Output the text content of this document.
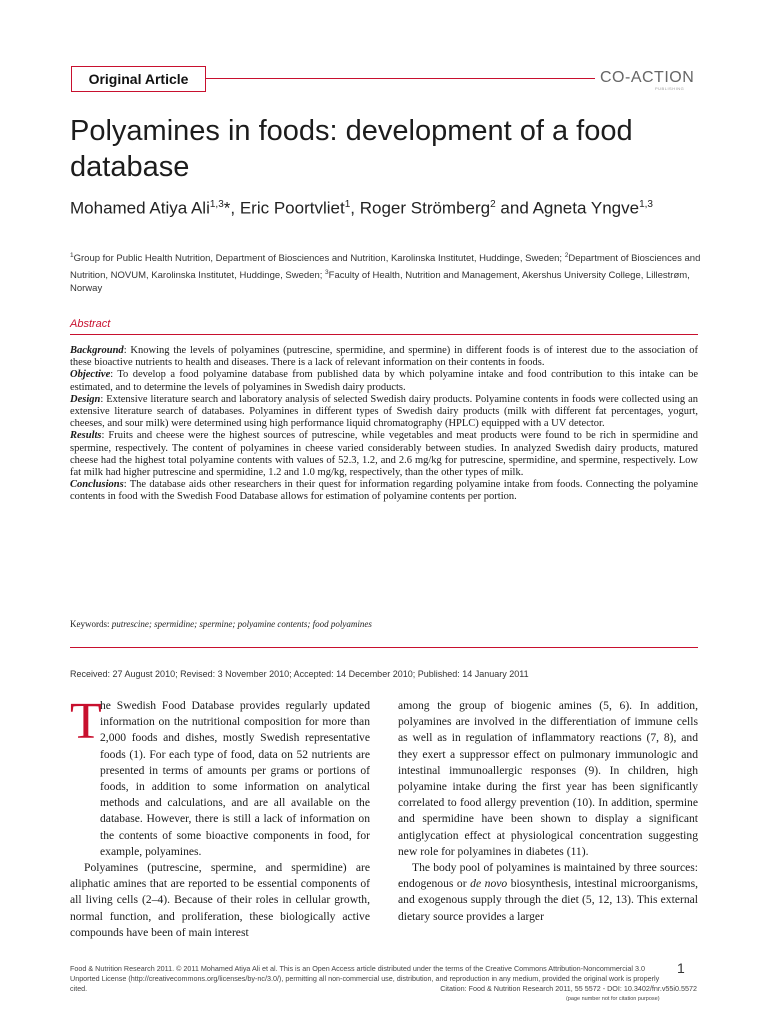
Original Article	CO-ACTION
PUBLISHING
Polyamines in foods: development of a food database
Mohamed Atiya Ali$^{1,3}$*, Eric Poortvliet$^1$, Roger Strömberg$^2$ and Agneta Yngve$^{1,3}$
$^1$Group for Public Health Nutrition, Department of Biosciences and Nutrition, Karolinska Institutet, Huddinge, Sweden; $^2$Department of Biosciences and Nutrition, NOVUM, Karolinska Institutet, Huddinge, Sweden; $^3$Faculty of Health, Nutrition and Management, Akershus University College, Lillestrøm, Norway
Abstract

Background: Knowing the levels of polyamines (putrescine, spermidine, and spermine) in different foods is of interest due to the association of these bioactive nutrients to health and diseases. There is a lack of relevant information on their contents in foods.

Objective: To develop a food polyamine database from published data by which polyamine intake and food contribution to this intake can be estimated, and to determine the levels of polyamines in Swedish dairy products.

Design: Extensive literature search and laboratory analysis of selected Swedish dairy products. Polyamine contents in foods were collected using an extensive literature search of databases. Polyamines in different types of Swedish dairy products (milk with different fat percentages, yogurt, cheeses, and sour milk) were determined using high performance liquid chromatography (HPLC) equipped with a UV detector.

Results: Fruits and cheese were the highest sources of putrescine, while vegetables and meat products were found to be rich in spermidine and spermine, respectively. The content of polyamines in cheese varied considerably between studies. In analyzed Swedish dairy products, matured cheese had the highest total polyamine contents with values of 52.3, 1.2, and 2.6 mg/kg for putrescine, spermidine, and spermine, respectively. Low fat milk had higher putrescine and spermidine, 1.2 and 1.0 mg/kg, respectively, than the other types of milk.

Conclusions: The database aids other researchers in their quest for information regarding polyamine intake from foods. Connecting the polyamine contents in food with the Swedish Food Database allows for estimation of polyamine contents per portion.

Keywords: putrescine; spermidine; spermine; polyamine contents; food polyamines
Received: 27 August 2010; Revised: 3 November 2010; Accepted: 14 December 2010; Published: 14 January 2011
T

he Swedish Food Database provides regularly updated information on the nutritional composition for more than 2,000 foods and dishes, mostly Swedish representative foods (1). For each type of food, data on 52 nutrients are presented in terms of amounts per grams or portions of foods, in addition to some information on analytical methods and calculations, and are all available on the database. However, there is still a lack of information on the contents of some bioactive components in food, for example, polyamines.

Polyamines (putrescine, spermine, and spermidine) are aliphatic amines that are reported to be essential components of all living cells (2–4). Because of their roles in cellular growth, normal function, and proliferation, these biologically active compounds have been of main interest

among the group of biogenic amines (5, 6). In addition, polyamines are involved in the differentiation of immune cells as well as in regulation of inflammatory reactions (7, 8), and they exert a suppressor effect on pulmonary immunologic and intestinal immunoallergic responses (9). In children, high polyamine intake during the first year has been significantly correlated to food allergy prevention (10). In addition, spermine and spermidine have been shown to display a significant antiglycation effect at physiological concentration suggesting new role for polyamines in diabetes (11).

The body pool of polyamines is maintained by three sources: endogenous or de novo biosynthesis, intestinal microorganisms, and exogenous supply through the diet (5, 12, 13). This external dietary source provides a larger

Food & Nutrition Research 2011. © 2011 Mohamed Atiya Ali et al. This is an Open Access article distributed under the terms of the Creative Commons Attribution-Noncommercial 3.0 Unported License (http://creativecommons.org/licenses/by-nc/3.0/), permitting all non-commercial use, distribution, and reproduction in any medium, provided the original work is properly cited.
1
Citation: Food & Nutrition Research 2011, 55 5572 - DOI: 10.3402/fnr.v55i0.5572
(page number not for citation purpose)
